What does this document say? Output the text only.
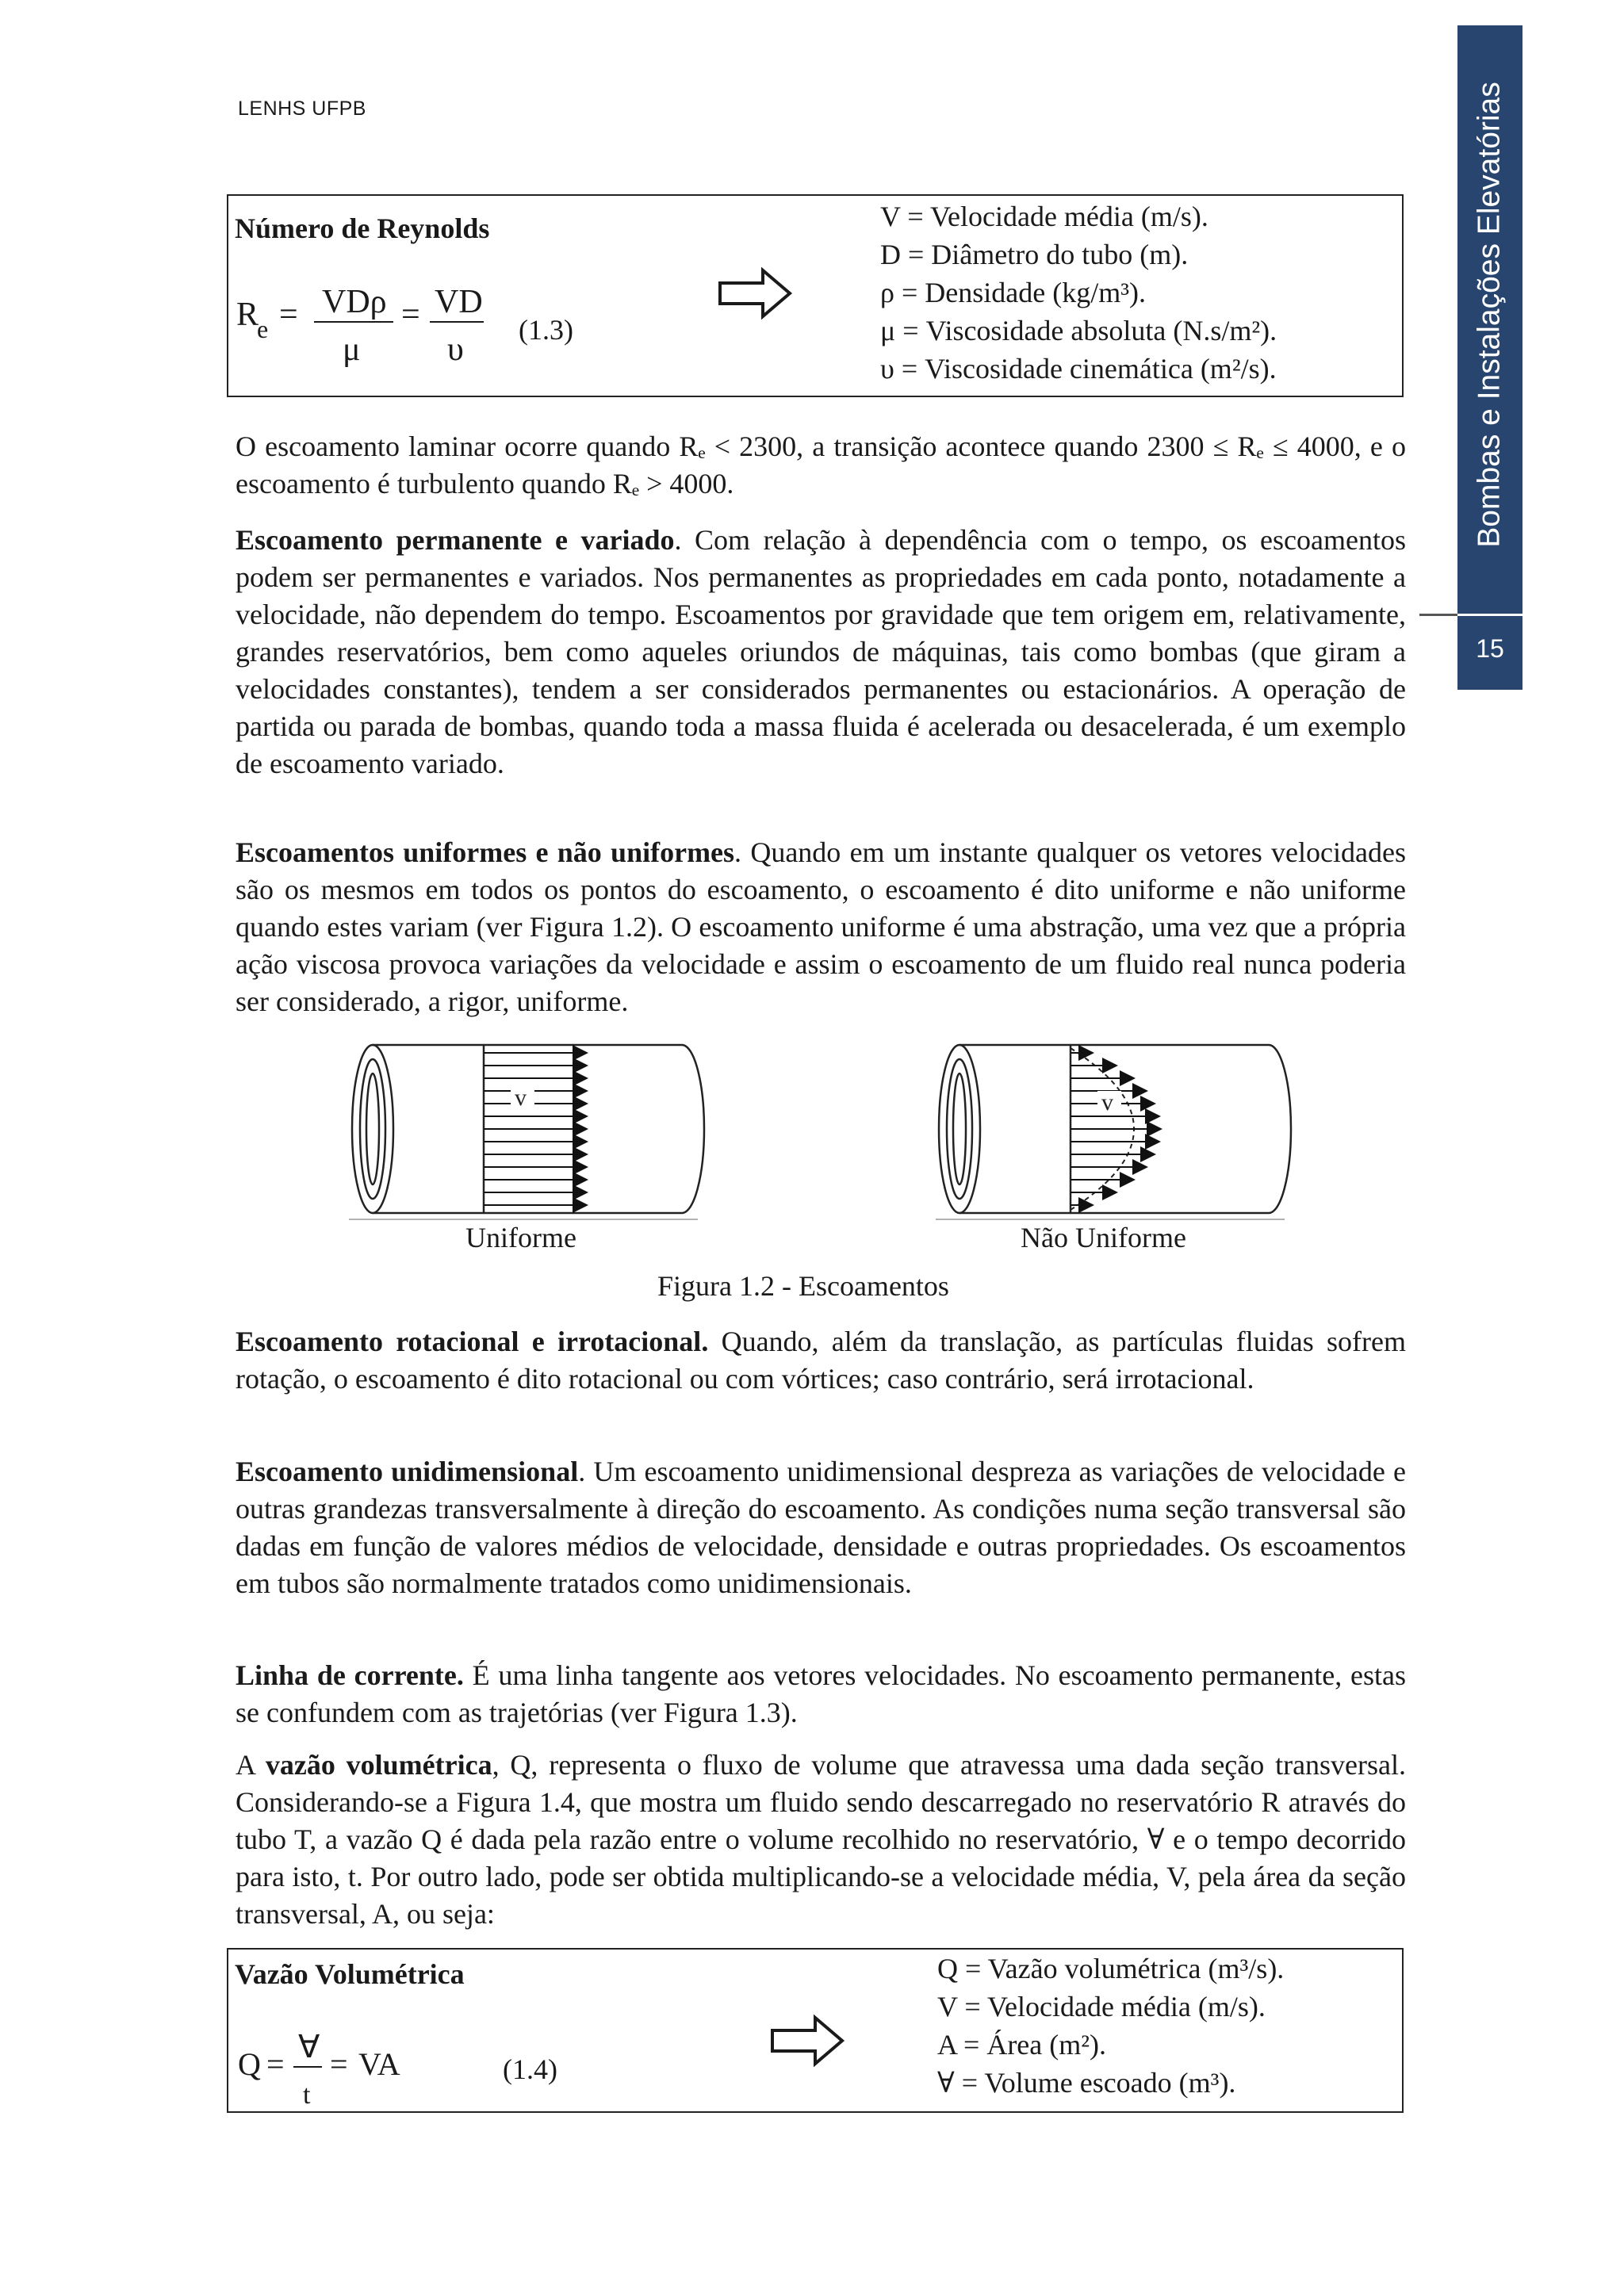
LENHS UFPB	Bombas e Instalações Elevatórias
15
Número de Reynolds
R
e = VDρ
μ
= VD
υ
(1.3)
V = Velocidade média (m/s).
D = Diâmetro do tubo (m).
ρ = Densidade (kg/m³).
μ = Viscosidade absoluta (N.s/m²).
υ = Viscosidade cinemática (m²/s).

O escoamento laminar ocorre quando Rₑ < 2300, a transição acontece quando 2300 ≤ Rₑ ≤ 4000, e o escoamento é turbulento quando Rₑ > 4000.

Escoamento permanente e variado. Com relação à dependência com o tempo, os escoamentos podem ser permanentes e variados. Nos permanentes as propriedades em cada ponto, notadamente a velocidade, não dependem do tempo. Escoamentos por gravidade que tem origem em, relativamente, grandes reservatórios, bem como aqueles oriundos de máquinas, tais como bombas (que giram a velocidades constantes), tendem a ser considerados permanentes ou estacionários. A operação de partida ou parada de bombas, quando toda a massa fluida é acelerada ou desacelerada, é um exemplo de escoamento variado.

Escoamentos uniformes e não uniformes. Quando em um instante qualquer os vetores velocidades são os mesmos em todos os pontos do escoamento, o escoamento é dito uniforme e não uniforme quando estes variam (ver Figura 1.2). O escoamento uniforme é uma abstração, uma vez que a própria ação viscosa provoca variações da velocidade e assim o escoamento de um fluido real nunca poderia ser considerado, a rigor, uniforme.

v	v
Uniforme	Não Uniforme
Figura 1.2 - Escoamentos

Escoamento rotacional e irrotacional. Quando, além da translação, as partículas fluidas sofrem rotação, o escoamento é dito rotacional ou com vórtices; caso contrário, será irrotacional.

Escoamento unidimensional. Um escoamento unidimensional despreza as variações de velocidade e outras grandezas transversalmente à direção do escoamento. As condições numa seção transversal são dadas em função de valores médios de velocidade, densidade e outras propriedades. Os escoamentos em tubos são normalmente tratados como unidimensionais.

Linha de corrente. É uma linha tangente aos vetores velocidades. No escoamento permanente, estas se confundem com as trajetórias (ver Figura 1.3).

A vazão volumétrica, Q, representa o fluxo de volume que atravessa uma dada seção transversal. Considerando-se a Figura 1.4, que mostra um fluido sendo descarregado no reservatório R através do tubo T, a vazão Q é dada pela razão entre o volume recolhido no reservatório, ∀ e o tempo decorrido para isto, t. Por outro lado, pode ser obtida multiplicando-se a velocidade média, V, pela área da seção transversal, A, ou seja:

Vazão Volumétrica
Q = ∀
t
= VA	(1.4)
Q = Vazão volumétrica (m³/s).
V = Velocidade média (m/s).
A = Área (m²).
∀ = Volume escoado (m³).
